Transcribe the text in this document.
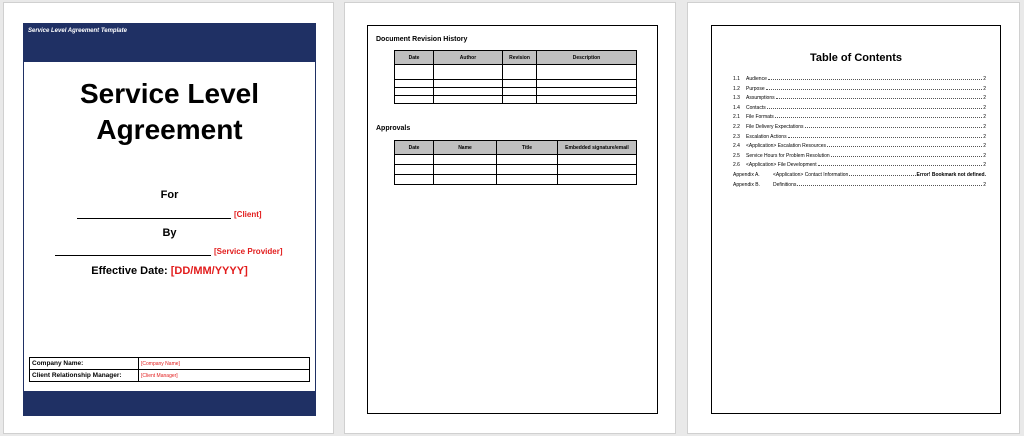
Service Level Agreement Template
Service Level
Agreement
For
[Client]
By
[Service Provider]
Effective Date: [DD/MM/YYYY]
Company Name:	[Company Name]
Client Relationship Manager:	[Client Manager]
Document Revision History
Date	Author	Revision	Description

Approvals
Date	Name	Title	Embedded signature/email

Table of Contents
1.1	Audience	2
1.2	Purpose	2
1.3	Assumptions	2
1.4	Contacts	2
2.1	File Formats	2
2.2	File Delivery Expectations	2
2.3	Escalation Actions	2
2.4	<Application> Escalation Resources	2
2.5	Service Hours for Problem Resolution	2
2.6	<Application> File Development	2
Appendix A.	<Application> Contact Information	Error! Bookmark not defined.
Appendix B.	Definitions	2
